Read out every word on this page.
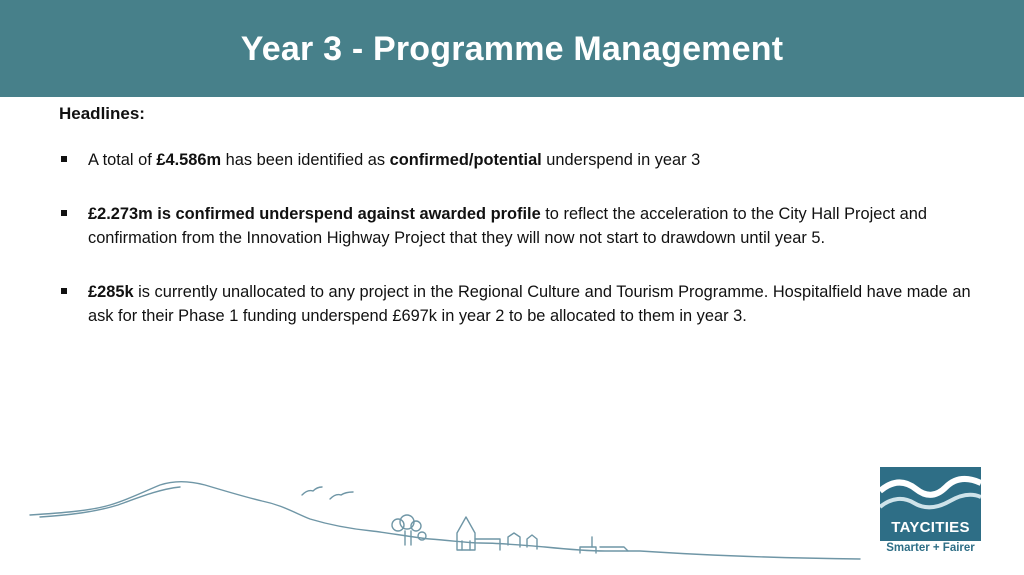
Year 3 - Programme Management
Headlines:
A total of £4.586m has been identified as confirmed/potential underspend in year 3
£2.273m is confirmed underspend against awarded profile to reflect the acceleration to the City Hall Project and confirmation from the Innovation Highway Project that they will now not start to drawdown until year 5.
£285k is currently unallocated to any project in the Regional Culture and Tourism Programme. Hospitalfield have made an ask for their Phase 1 funding underspend £697k in year 2 to be allocated to them in year 3.
TAYCITIES
Smarter + Fairer
